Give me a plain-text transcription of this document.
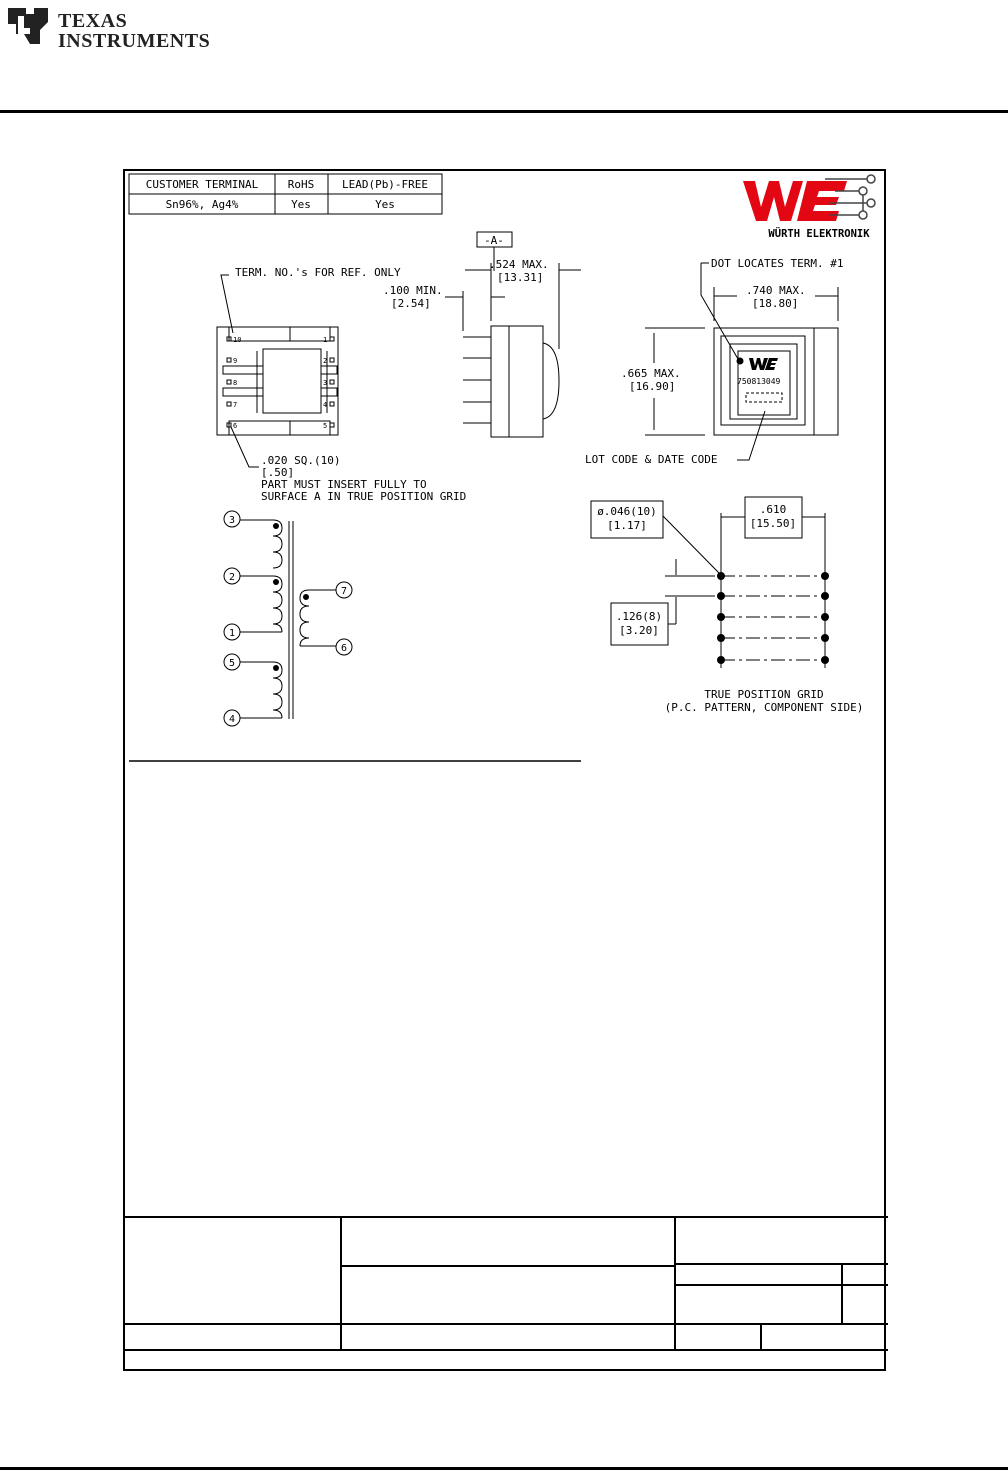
TEXAS
INSTRUMENTS
CUSTOMER TERMINAL	RoHS	LEAD(Pb)-FREE
Sn96%, Ag4%	Yes	Yes
WÜRTH ELEKTRONIK
10
9
8
7
6
1
2
3
4
5
TERM. NO.'s FOR REF. ONLY
.020 SQ.(10)
[.50]
PART MUST INSERT FULLY TO
SURFACE A IN TRUE POSITION GRID
-A-
.524 MAX.
[13.31]
.100 MIN.
[2.54]
750813049
DOT LOCATES TERM. #1
.740 MAX.
[18.80]
.665 MAX.
[16.90]
LOT CODE & DATE CODE
3
2
1
5
4
7
6
ø.046(10)
[1.17]
.610
[15.50]
.126(8)
[3.20]
TRUE POSITION GRID
(P.C. PATTERN, COMPONENT SIDE)
